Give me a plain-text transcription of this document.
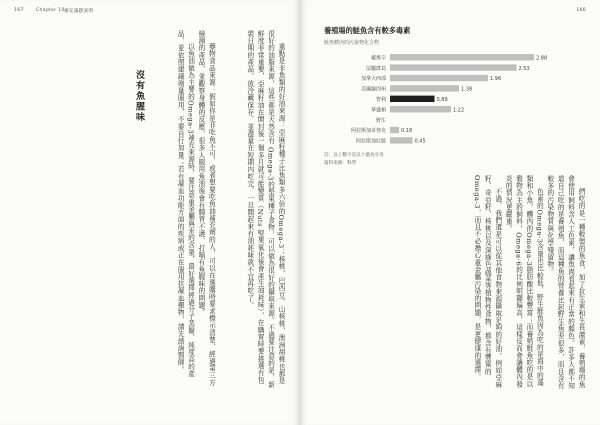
167	Chapter 10 補充議題說明
沒有魚腥味	重點是非魚類的好油來源：亞麻籽種子比魚類多六倍的Omega-3；核桃、巴西豆、山核桃、澳洲胡桃也都是很好的油脂來源，這些都是天然含有 Omega-3的堅果種子食物，可以做為很好的攝取來源。不過要注意的是，新鮮度非常重要，亞麻籽油在開封後一個多月就可能變質（Nuts 堅果氧化後會產生油耗味），在購買時要挑選有包裝日期的產品，放冷藏保存，並盡量在短期內吃完，一旦聞起來有油耗味就不宜再吃了。

藥物食品來源：假如你是非吃魚不可，或者想要吃魚油補充劑的人，可以在選購時要求標示清楚、經過第三方檢測的產品，並觀察身體的反應，很多人服用魚油後會有腸胃不適、打嗝有魚腥味的問題。

以魚油做為主要的Omega-3補充來源時，要注意重金屬與汞的含量，最好選擇經過分子蒸餾、純度高的產品，並依照建議劑量服用，不要自行加量；若有凝血功能方面的疾病或正在服用抗凝血藥物，請先諮詢醫師。

166

養殖場的鮭魚含有較多毒素

鮭魚體內的污染物化合物

戴奧辛	2.88
法屬群島	2.53
加拿大西部	1.96
美國緬因州	1.38
智利	0.89
華盛頓	1.22
野生
阿拉斯加奇努克	0.18
阿拉斯加紅鮭	0.45

註：以上數字是以十億為分母

資料來源：科學

們吃的是一種較製的魚食，加了抗生素和生長激素，養殖場的魚會使用飼料含人工色素，讓魚肉看起來有正常的顏色。許多人都不知道自己吃的是養殖魚，而這種魚的營養比起野生魚差很多，而且含有較多的污染物質與化學殘留物。

色素的Omega-3含量也比較低，野生鮭魚因為吃的是海中的藻類和小魚，體內的Omega-3脂肪酸比較豐富；而養殖鮭魚吃的是以穀物為主的飼料，Omega-6的比例明顯偏高，這樣反而會讓體內發炎的情況更嚴重。

不過，我們還是可以從其他食物來源攝取足夠的好油，例如亞麻籽、奇亞籽、核桃以及深綠色蔬菜等植物性食物，都含有豐富的Omega-3，而且不必擔心重金屬污染的問題，是更健康的選擇。
